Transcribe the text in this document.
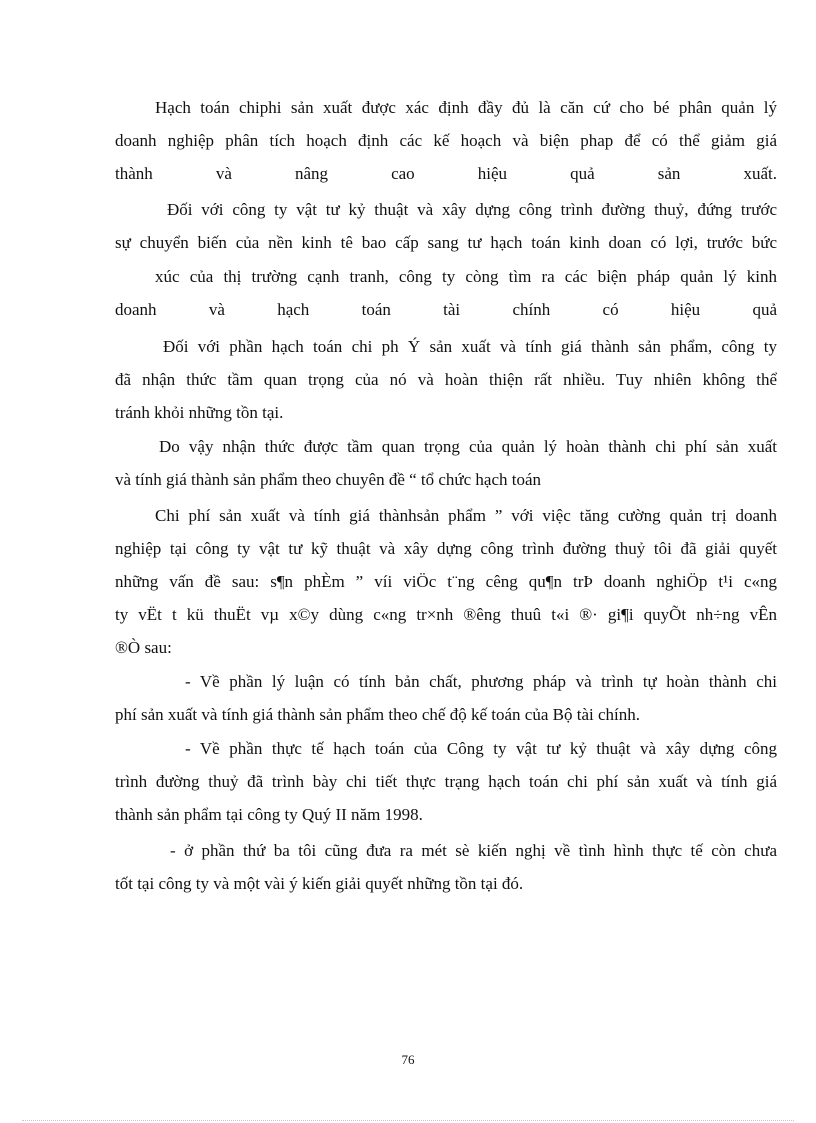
Hạch toán chiphi sản xuất được xác định đầy đủ là căn cứ cho bé phân quản lý
doanh nghiệp phân tích hoạch định các kế hoạch và biện phap để có thể giảm giá
thành và nâng cao hiệu quả sản xuất.
Đối với công ty vật tư kỷ thuật và xây dựng công trình đường thuỷ, đứng trước
sự chuyển biến của nền kinh tê bao cấp sang tư hạch toán kinh doan có lợi, trước bức
xúc của thị trường cạnh tranh, công ty còng tìm ra các biện pháp quản lý kinh
doanh và hạch toán tài chính có hiệu quả
Đối với phần hạch toán chi ph Ý sản xuất và tính giá thành sản phẩm, công ty
đã nhận thức tầm quan trọng của nó và hoàn thiện rất nhiều. Tuy nhiên không thể
tránh khỏi những tồn tại.
Do vậy nhận thức được tầm quan trọng của quản lý hoàn thành chi phí sản xuất
và tính giá thành sản phẩm theo chuyên đề “ tổ chức hạch toán
Chi phí sản xuất và tính giá thànhsản phẩm ” với việc tăng cường quản trị doanh
nghiệp tại công ty vật tư kỹ thuật và xây dựng công trình đường thuỷ tôi đã giải quyết
những vấn đề sau: s¶n phÈm ” víi viÖc t¨ng cêng qu¶n trÞ doanh nghiÖp t¹i c«ng
ty vËt t kü thuËt vµ x©y dùng c«ng tr×nh ®êng thuû t«i ®· gi¶i quyÕt nh÷ng vÊn
®Ò sau:
- Về phần lý luận có tính bản chất, phương pháp và trình tự hoàn thành chi
phí sản xuất và tính giá thành sản phẩm theo chế độ kế toán của Bộ tài chính.
- Về phần thực tế hạch toán của Công ty vật tư kỷ thuật và xây dựng công
trình đường thuỷ đã trình bày chi tiết thực trạng hạch toán chi phí sản xuất và tính giá
thành sản phẩm tại công ty Quý II năm 1998.
- ở phần thứ ba tôi cũng đưa ra mét sè kiến nghị về tình hình thực tế còn chưa
tốt tại công ty và một vài ý kiến giải quyết những tồn tại đó.
76
